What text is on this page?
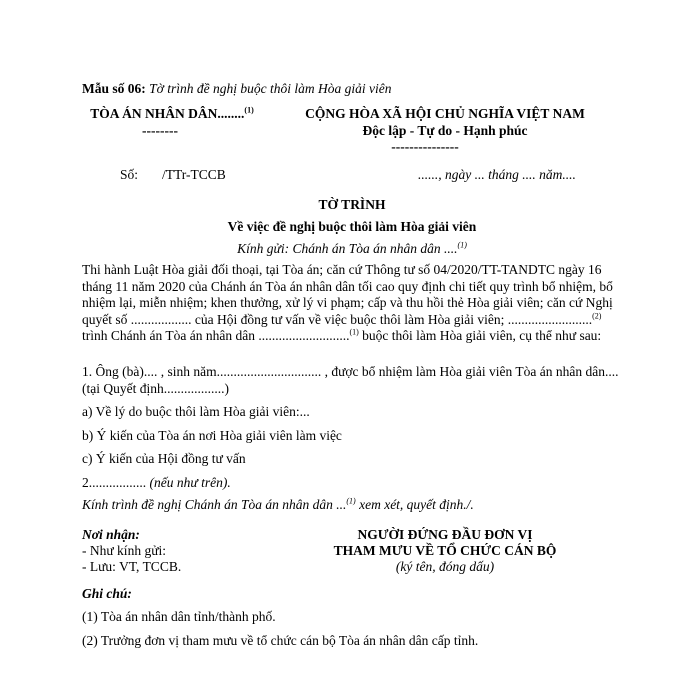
Mẫu số 06: Tờ trình đề nghị buộc thôi làm Hòa giải viên
TÒA ÁN NHÂN DÂN........$^{(1)}$
--------
CỘNG HÒA XÃ HỘI CHỦ NGHĨA VIỆT NAM
Độc lập - Tự do - Hạnh phúc
---------------
Số: /TTr-TCCB	......, ngày ... tháng .... năm....
TỜ TRÌNH
Về việc đề nghị buộc thôi làm Hòa giải viên
Kính gửi: Chánh án Tòa án nhân dân ....$^{(1)}$
Thi hành Luật Hòa giải đối thoại, tại Tòa án; căn cứ Thông tư số 04/2020/TT-TANDTC ngày 16 tháng 11 năm 2020 của Chánh án Tòa án nhân dân tối cao quy định chi tiết quy trình bổ nhiệm, bổ nhiệm lại, miễn nhiệm; khen thưởng, xử lý vi phạm; cấp và thu hồi thẻ Hòa giải viên; căn cứ Nghị quyết số .................. của Hội đồng tư vấn về việc buộc thôi làm Hòa giải viên; .........................$^{(2)}$ trình Chánh án Tòa án nhân dân ...........................$^{(1)}$ buộc thôi làm Hòa giải viên, cụ thể như sau:
1. Ông (bà).... , sinh năm............................... , được bổ nhiệm làm Hòa giải viên Tòa án nhân dân.... (tại Quyết định..................)
a) Về lý do buộc thôi làm Hòa giải viên:...
b) Ý kiến của Tòa án nơi Hòa giải viên làm việc
c) Ý kiến của Hội đồng tư vấn
2................. (nếu như trên).
Kính trình đề nghị Chánh án Tòa án nhân dân ...$^{(1)}$ xem xét, quyết định./.
Nơi nhận:
- Như kính gửi:
- Lưu: VT, TCCB.
NGƯỜI ĐỨNG ĐẦU ĐƠN VỊ
THAM MƯU VỀ TỔ CHỨC CÁN BỘ
(ký tên, đóng dấu)
Ghi chú:
(1) Tòa án nhân dân tỉnh/thành phố.
(2) Trưởng đơn vị tham mưu về tổ chức cán bộ Tòa án nhân dân cấp tỉnh.
